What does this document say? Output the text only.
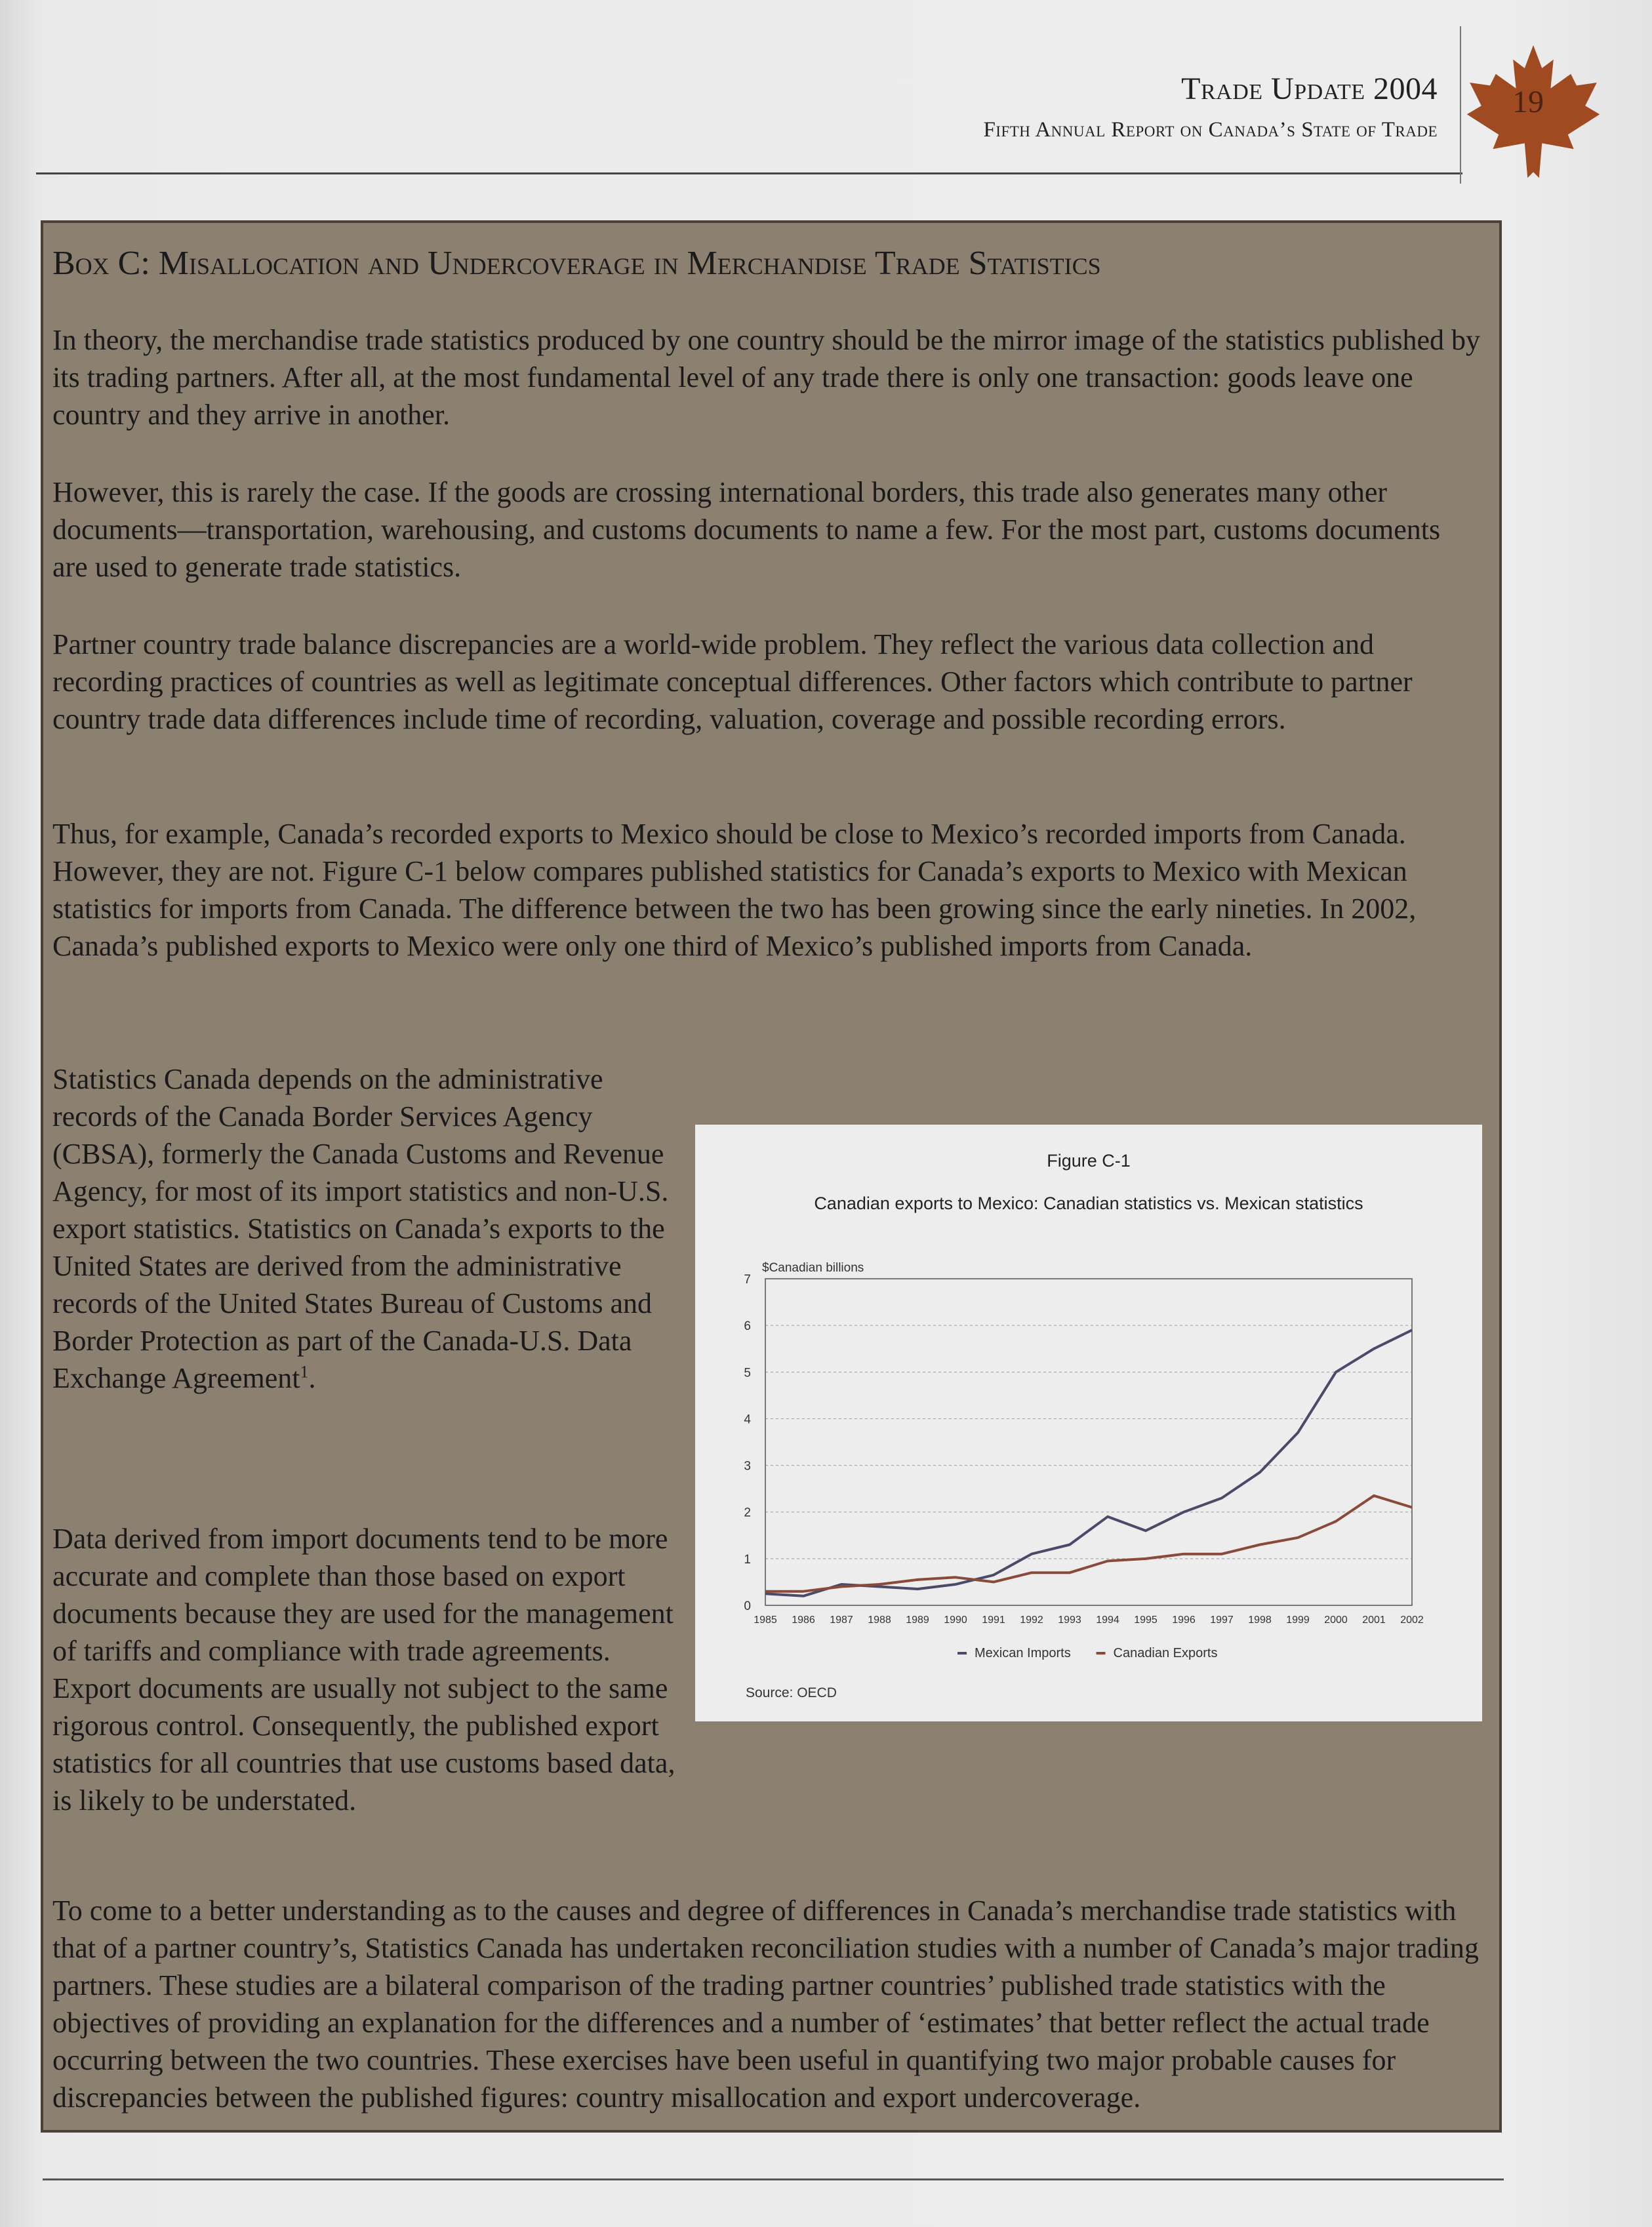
Trade Update 2004
Fifth Annual Report on Canada’s State of Trade
19
Box C: Misallocation and Undercoverage in Merchandise Trade Statistics

In theory, the merchandise trade statistics produced by one country should be the mirror image of the statistics published by its trading partners. After all, at the most fundamental level of any trade there is only one transaction: goods leave one country and they arrive in another.

However, this is rarely the case. If the goods are crossing international borders, this trade also generates many other documents—transportation, warehousing, and customs documents to name a few. For the most part, customs documents are used to generate trade statistics.

Partner country trade balance discrepancies are a world-wide problem. They reflect the various data collection and recording practices of countries as well as legitimate conceptual differences. Other factors which contribute to partner country trade data differences include time of recording, valuation, coverage and possible recording errors.

Thus, for example, Canada’s recorded exports to Mexico should be close to Mexico’s recorded imports from Canada. However, they are not. Figure C-1 below compares published statistics for Canada’s exports to Mexico with Mexican statistics for imports from Canada. The difference between the two has been growing since the early nineties. In 2002, Canada’s published exports to Mexico were only one third of Mexico’s published imports from Canada.

Statistics Canada depends on the administrative records of the Canada Border Services Agency (CBSA), formerly the Canada Customs and Revenue Agency, for most of its import statistics and non-U.S. export statistics. Statistics on Canada’s exports to the United States are derived from the administrative records of the United States Bureau of Customs and Border Protection as part of the Canada-U.S. Data Exchange Agreement$^1$.

Data derived from import documents tend to be more accurate and complete than those based on export documents because they are used for the management of tariffs and compliance with trade agreements. Export documents are usually not subject to the same rigorous control. Consequently, the published export statistics for all countries that use customs based data, is likely to be understated.

To come to a better understanding as to the causes and degree of differences in Canada’s merchandise trade statistics with that of a partner country’s, Statistics Canada has undertaken reconciliation studies with a number of Canada’s major trading partners. These studies are a bilateral comparison of the trading partner countries’ published trade statistics with the objectives of providing an explanation for the differences and a number of ‘estimates’ that better reflect the actual trade occurring between the two countries. These exercises have been useful in quantifying two major probable causes for discrepancies between the published figures: country misallocation and export undercoverage.

Figure C-1
Canadian exports to Mexico: Canadian statistics vs. Mexican statistics
$Canadian billions
0
1
2
3
4
5
6
7
1985 1986 1987 1988 1989 1990 1991 1992 1993 1994 1995 1996 1997 1998 1999 2000 2001 2002
Mexican Imports	Canadian Exports
Source: OECD
